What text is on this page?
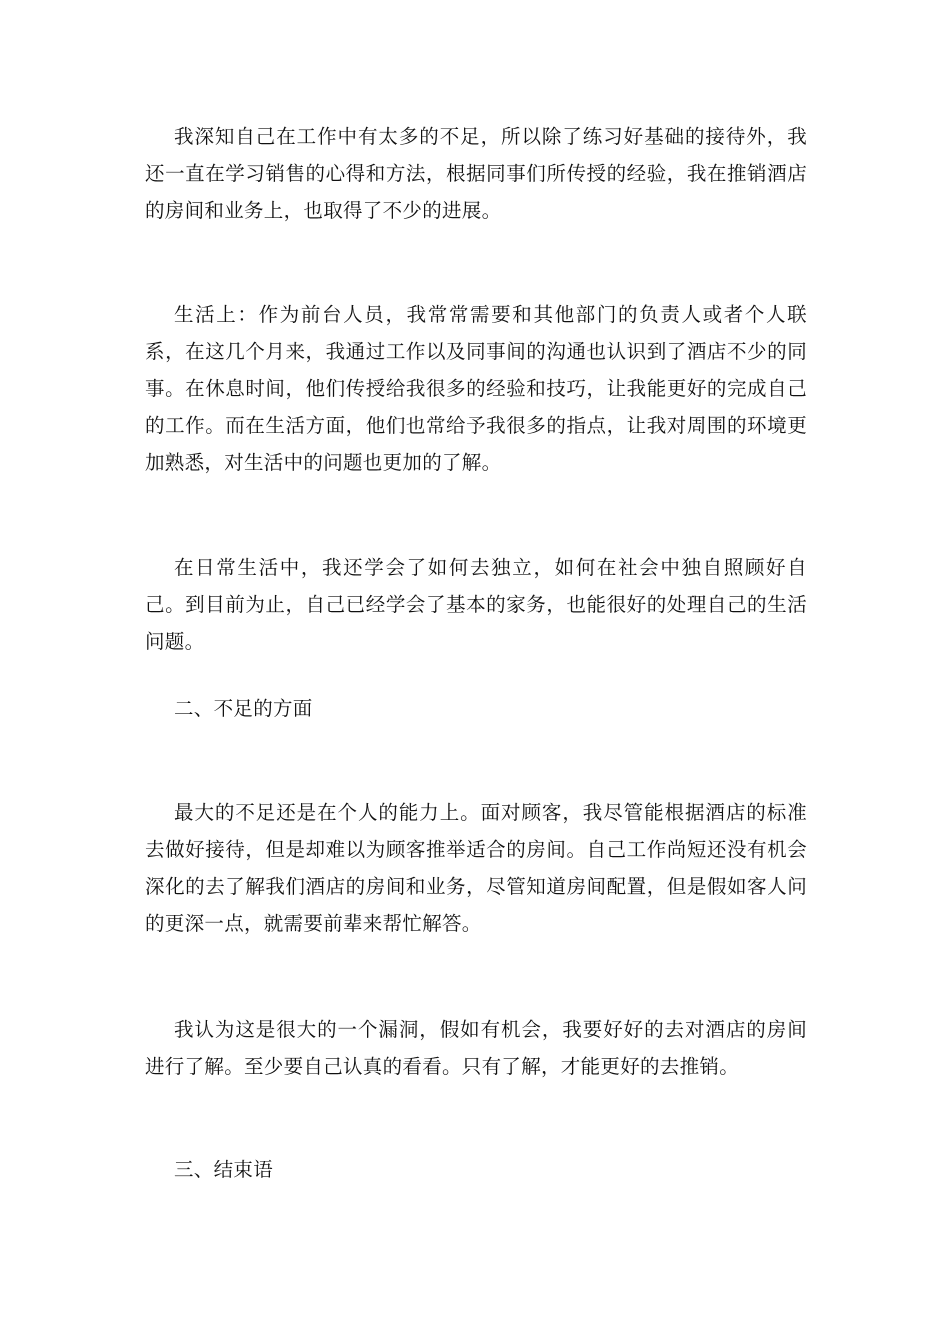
我深知自己在工作中有太多的不足，所以除了练习好基础的接待外，我还一直在学习销售的心得和方法，根据同事们所传授的经验，我在推销酒店的房间和业务上，也取得了不少的进展。

生活上：作为前台人员，我常常需要和其他部门的负责人或者个人联系，在这几个月来，我通过工作以及同事间的沟通也认识到了酒店不少的同事。在休息时间，他们传授给我很多的经验和技巧，让我能更好的完成自己的工作。而在生活方面，他们也常给予我很多的指点，让我对周围的环境更加熟悉，对生活中的问题也更加的了解。

在日常生活中，我还学会了如何去独立，如何在社会中独自照顾好自己。到目前为止，自己已经学会了基本的家务，也能很好的处理自己的生活问题。

二、不足的方面

最大的不足还是在个人的能力上。面对顾客，我尽管能根据酒店的标准去做好接待，但是却难以为顾客推举适合的房间。自己工作尚短还没有机会深化的去了解我们酒店的房间和业务，尽管知道房间配置，但是假如客人问的更深一点，就需要前辈来帮忙解答。

我认为这是很大的一个漏洞，假如有机会，我要好好的去对酒店的房间进行了解。至少要自己认真的看看。只有了解，才能更好的去推销。

三、结束语
